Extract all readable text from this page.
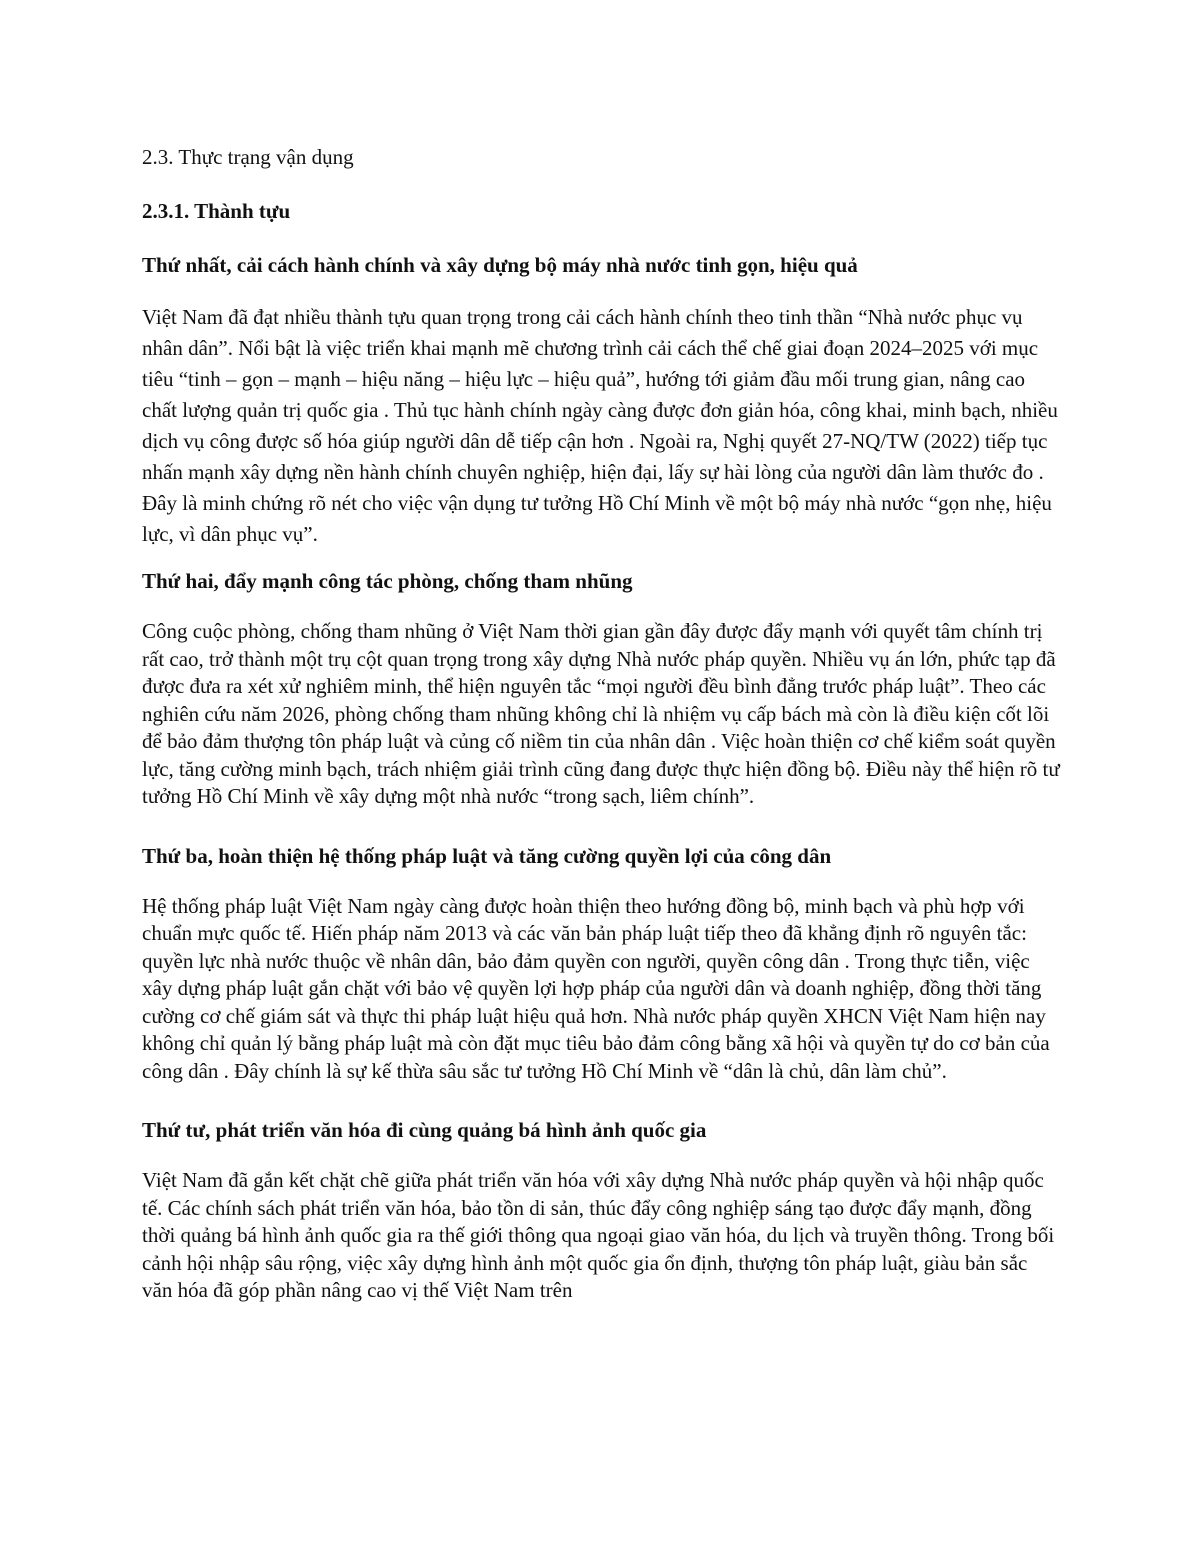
2.3. Thực trạng vận dụng
2.3.1. Thành tựu
Thứ nhất, cải cách hành chính và xây dựng bộ máy nhà nước tinh gọn, hiệu quả
Việt Nam đã đạt nhiều thành tựu quan trọng trong cải cách hành chính theo tinh thần “Nhà nước phục vụ nhân dân”. Nổi bật là việc triển khai mạnh mẽ chương trình cải cách thể chế giai đoạn 2024–2025 với mục tiêu “tinh – gọn – mạnh – hiệu năng – hiệu lực – hiệu quả”, hướng tới giảm đầu mối trung gian, nâng cao chất lượng quản trị quốc gia . Thủ tục hành chính ngày càng được đơn giản hóa, công khai, minh bạch, nhiều dịch vụ công được số hóa giúp người dân dễ tiếp cận hơn . Ngoài ra, Nghị quyết 27-NQ/TW (2022) tiếp tục nhấn mạnh xây dựng nền hành chính chuyên nghiệp, hiện đại, lấy sự hài lòng của người dân làm thước đo . Đây là minh chứng rõ nét cho việc vận dụng tư tưởng Hồ Chí Minh về một bộ máy nhà nước “gọn nhẹ, hiệu lực, vì dân phục vụ”.
Thứ hai, đẩy mạnh công tác phòng, chống tham nhũng
Công cuộc phòng, chống tham nhũng ở Việt Nam thời gian gần đây được đẩy mạnh với quyết tâm chính trị rất cao, trở thành một trụ cột quan trọng trong xây dựng Nhà nước pháp quyền. Nhiều vụ án lớn, phức tạp đã được đưa ra xét xử nghiêm minh, thể hiện nguyên tắc “mọi người đều bình đẳng trước pháp luật”. Theo các nghiên cứu năm 2026, phòng chống tham nhũng không chỉ là nhiệm vụ cấp bách mà còn là điều kiện cốt lõi để bảo đảm thượng tôn pháp luật và củng cố niềm tin của nhân dân . Việc hoàn thiện cơ chế kiểm soát quyền lực, tăng cường minh bạch, trách nhiệm giải trình cũng đang được thực hiện đồng bộ. Điều này thể hiện rõ tư tưởng Hồ Chí Minh về xây dựng một nhà nước “trong sạch, liêm chính”.
Thứ ba, hoàn thiện hệ thống pháp luật và tăng cường quyền lợi của công dân
Hệ thống pháp luật Việt Nam ngày càng được hoàn thiện theo hướng đồng bộ, minh bạch và phù hợp với chuẩn mực quốc tế. Hiến pháp năm 2013 và các văn bản pháp luật tiếp theo đã khẳng định rõ nguyên tắc: quyền lực nhà nước thuộc về nhân dân, bảo đảm quyền con người, quyền công dân . Trong thực tiễn, việc xây dựng pháp luật gắn chặt với bảo vệ quyền lợi hợp pháp của người dân và doanh nghiệp, đồng thời tăng cường cơ chế giám sát và thực thi pháp luật hiệu quả hơn. Nhà nước pháp quyền XHCN Việt Nam hiện nay không chỉ quản lý bằng pháp luật mà còn đặt mục tiêu bảo đảm công bằng xã hội và quyền tự do cơ bản của công dân . Đây chính là sự kế thừa sâu sắc tư tưởng Hồ Chí Minh về “dân là chủ, dân làm chủ”.
Thứ tư, phát triển văn hóa đi cùng quảng bá hình ảnh quốc gia
Việt Nam đã gắn kết chặt chẽ giữa phát triển văn hóa với xây dựng Nhà nước pháp quyền và hội nhập quốc tế. Các chính sách phát triển văn hóa, bảo tồn di sản, thúc đẩy công nghiệp sáng tạo được đẩy mạnh, đồng thời quảng bá hình ảnh quốc gia ra thế giới thông qua ngoại giao văn hóa, du lịch và truyền thông. Trong bối cảnh hội nhập sâu rộng, việc xây dựng hình ảnh một quốc gia ổn định, thượng tôn pháp luật, giàu bản sắc văn hóa đã góp phần nâng cao vị thế Việt Nam trên
